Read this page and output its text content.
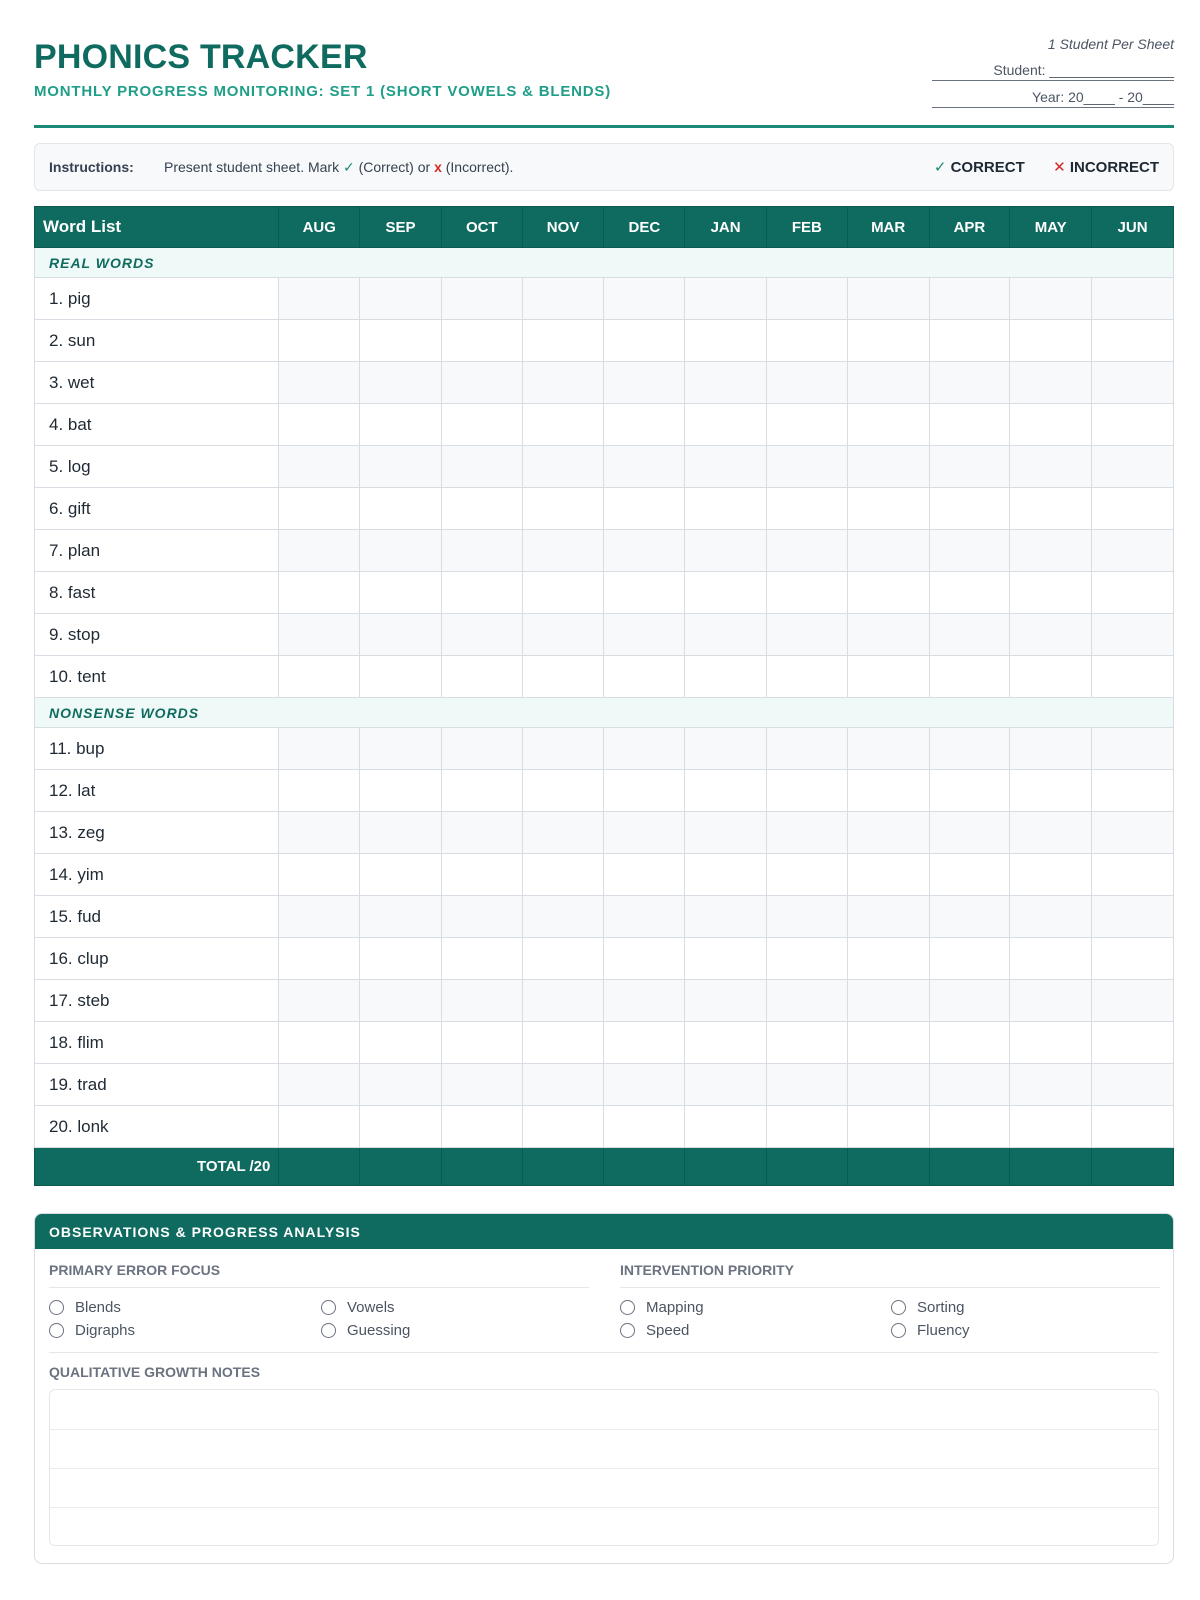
PHONICS TRACKER
MONTHLY PROGRESS MONITORING: SET 1 (SHORT VOWELS & BLENDS)
1 Student Per Sheet
Student: ________________
Year: 20____ - 20____
Instructions: Present student sheet. Mark ✓ (Correct) or x (Incorrect).	✓ CORRECT ✕ INCORRECT
Word List	AUG	SEP	OCT	NOV	DEC	JAN	FEB	MAR	APR	MAY	JUN
REAL WORDS											
1. pig											
2. sun											
3. wet											
4. bat											
5. log											
6. gift											
7. plan											
8. fast											
9. stop											
10. tent											
NONSENSE WORDS											
11. bup											
12. lat											
13. zeg											
14. yim											
15. fud											
16. clup											
17. steb											
18. flim											
19. trad											
20. lonk											
TOTAL /20											
OBSERVATIONS & PROGRESS ANALYSIS
PRIMARY ERROR FOCUS
Blends	Vowels
Digraphs	Guessing
INTERVENTION PRIORITY
Mapping	Sorting
Speed	Fluency
QUALITATIVE GROWTH NOTES
